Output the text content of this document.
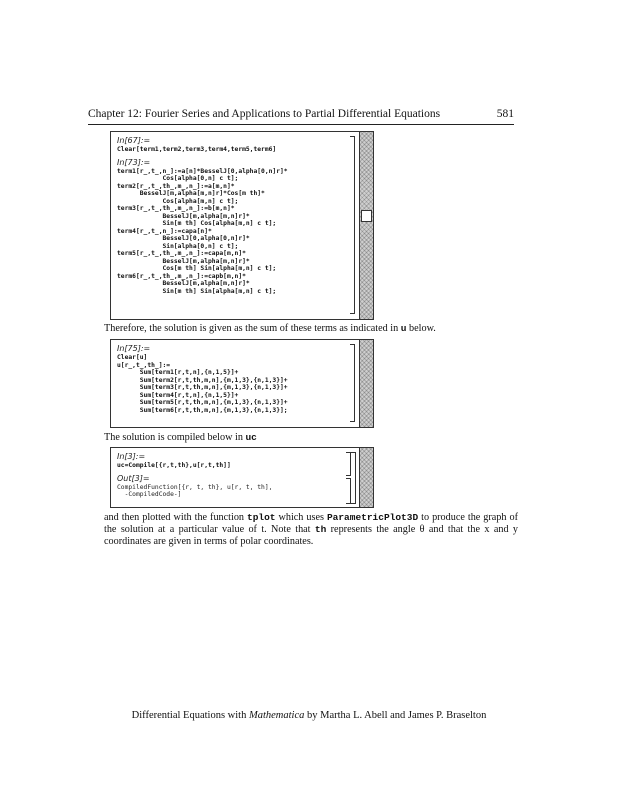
Chapter 12: Fourier Series and Applications to Partial Differential Equations	581
In[67]:=
Clear[term1,term2,term3,term4,term5,term6]
In[73]:=
term1[r_,t_,n_]:=a[n]*BesselJ[0,alpha[0,n]r]*
Cos[alpha[0,n] c t];
term2[r_,t_,th_,m_,n_]:=a[m,n]*
BesselJ[m,alpha[m,n]r]*Cos[m th]*
Cos[alpha[m,n] c t];
term3[r_,t_,th_,m_,n_]:=b[m,n]*
BesselJ[m,alpha[m,n]r]*
Sin[m th] Cos[alpha[m,n] c t];
term4[r_,t_,n_]:=capa[n]*
BesselJ[0,alpha[0,n]r]*
Sin[alpha[0,n] c t];
term5[r_,t_,th_,m_,n_]:=capa[m,n]*
BesselJ[m,alpha[m,n]r]*
Cos[m th] Sin[alpha[m,n] c t];
term6[r_,t_,th_,m_,n_]:=capb[m,n]*
BesselJ[m,alpha[m,n]r]*
Sin[m th] Sin[alpha[m,n] c t];
Therefore, the solution is given as the sum of these terms as indicated in u below.
In[75]:=
Clear[u]
u[r_,t_,th_]:=
Sum[term1[r,t,n],{n,1,5}]+
Sum[term2[r,t,th,m,n],{m,1,3},{n,1,3}]+
Sum[term3[r,t,th,m,n],{m,1,3},{n,1,3}]+
Sum[term4[r,t,n],{n,1,5}]+
Sum[term5[r,t,th,m,n],{m,1,3},{n,1,3}]+
Sum[term6[r,t,th,m,n],{m,1,3},{n,1,3}];
The solution is compiled below in uc
In[3]:=
uc=Compile[{r,t,th},u[r,t,th]]
Out[3]=
CompiledFunction[{r, t, th}, u[r, t, th],
-CompiledCode-]
and then plotted with the function tplot which uses ParametricPlot3D to produce the graph of the solution at a particular value of t. Note that th represents the angle θ and that the x and y coordinates are given in terms of polar coordinates.
Differential Equations with Mathematica by Martha L. Abell and James P. Braselton
